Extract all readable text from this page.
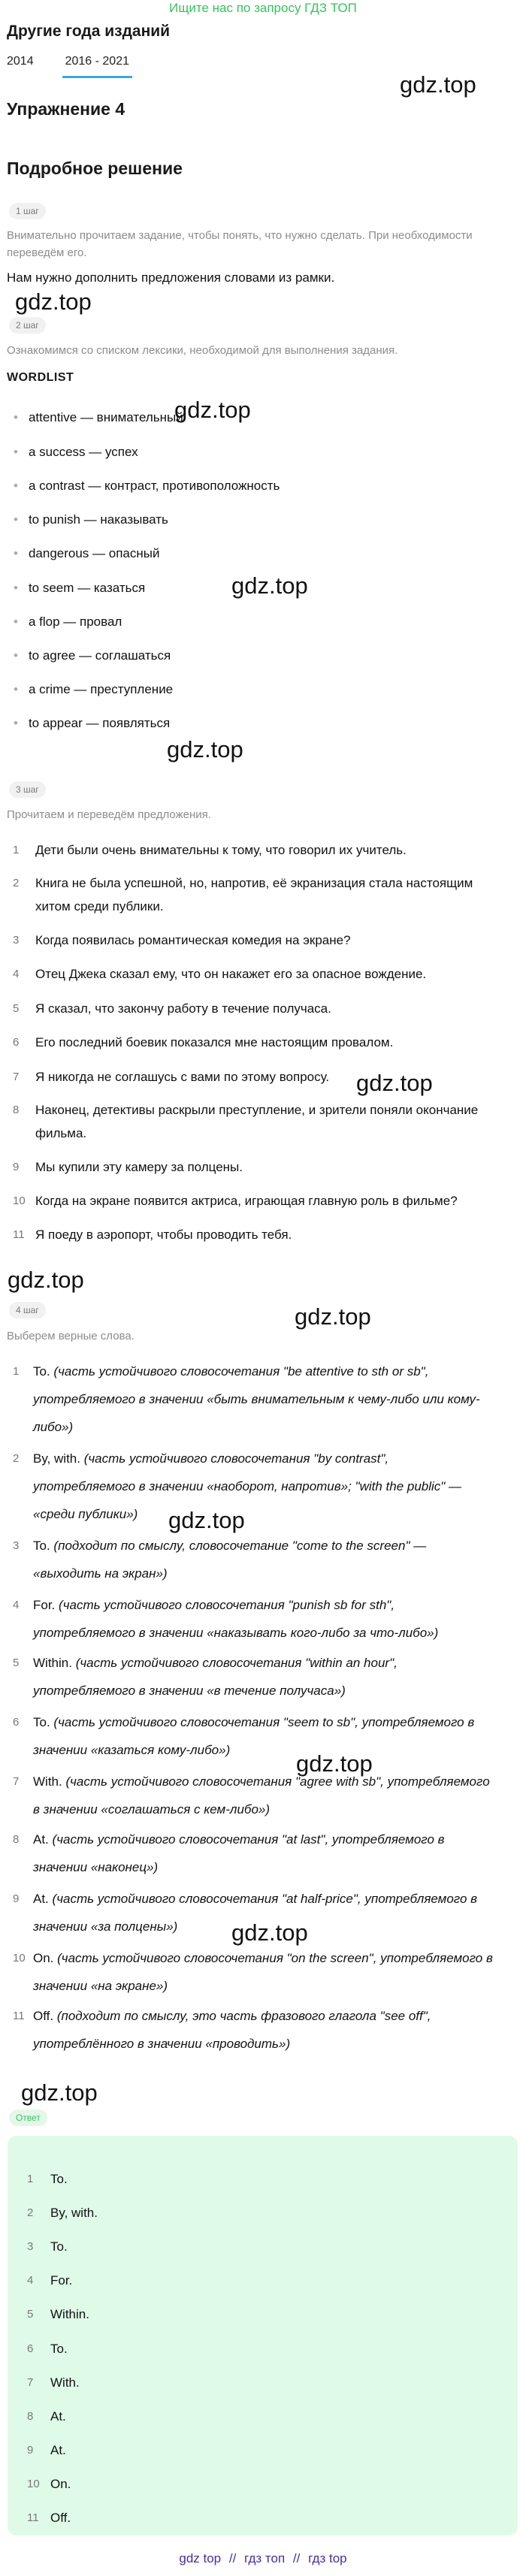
Ищите нас по запросу ГДЗ ТОП
Другие года изданий
2014	2016 - 2021
Упражнение 4
Подробное решение
gdz.top
gdz.top
gdz.top
gdz.top
gdz.top
gdz.top
gdz.top
gdz.top
gdz.top
gdz.top
gdz.top
gdz.top
1 шаг
Внимательно прочитаем задание, чтобы понять, что нужно сделать. При необходимости
переведём его.
Нам нужно дополнить предложения словами из рамки.
2 шаг
Ознакомимся со списком лексики, необходимой для выполнения задания.
WORDLIST
• attentive — внимательный
• a success — успех
• a contrast — контраст, противоположность
• to punish — наказывать
• dangerous — опасный
• to seem — казаться
• a flop — провал
• to agree — соглашаться
• a crime — преступление
• to appear — появляться
3 шаг
Прочитаем и переведём предложения.
1 Дети были очень внимательны к тому, что говорил их учитель.
2 Книга не была успешной, но, напротив, её экранизация стала настоящим
хитом среди публики.
3 Когда появилась романтическая комедия на экране?
4 Отец Джека сказал ему, что он накажет его за опасное вождение.
5 Я сказал, что закончу работу в течение получаса.
6 Его последний боевик показался мне настоящим провалом.
7 Я никогда не соглашусь с вами по этому вопросу.
8 Наконец, детективы раскрыли преступление, и зрители поняли окончание
фильма.
9 Мы купили эту камеру за полцены.
10 Когда на экране появится актриса, играющая главную роль в фильме?
11 Я поеду в аэропорт, чтобы проводить тебя.
4 шаг
Выберем верные слова.
1 To. (часть устойчивого словосочетания "be attentive to sth or sb",
употребляемого в значении «быть внимательным к чему-либо или кому-
либо»)
2 By, with. (часть устойчивого словосочетания "by contrast",
употребляемого в значении «наоборот, напротив»; "with the public" —
«среди публики»)
3 To. (подходит по смыслу, словосочетание "come to the screen" —
«выходить на экран»)
4 For. (часть устойчивого словосочетания "punish sb for sth",
употребляемого в значении «наказывать кого-либо за что-либо»)
5 Within. (часть устойчивого словосочетания "within an hour",
употребляемого в значении «в течение получаса»)
6 To. (часть устойчивого словосочетания "seem to sb", употребляемого в
значении «казаться кому-либо»)
7 With. (часть устойчивого словосочетания "agree with sb", употребляемого
в значении «соглашаться с кем-либо»)
8 At. (часть устойчивого словосочетания "at last", употребляемого в
значении «наконец»)
9 At. (часть устойчивого словосочетания "at half-price", употребляемого в
значении «за полцены»)
10 On. (часть устойчивого словосочетания "on the screen", употребляемого в
значении «на экране»)
11 Off. (подходит по смыслу, это часть фразового глагола "see off",
употреблённого в значении «проводить»)
Ответ
1 To.
2 By, with.
3 To.
4 For.
5 Within.
6 To.
7 With.
8 At.
9 At.
10 On.
11 Off.
gdz top // гдз топ // гдз top
